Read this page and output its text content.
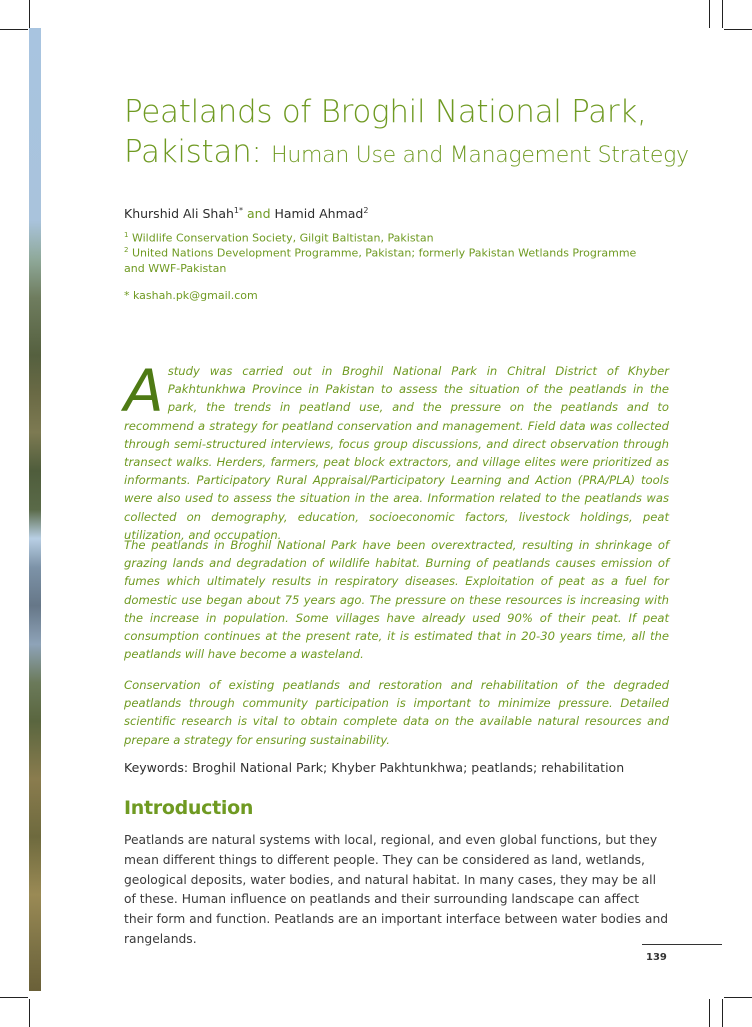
Peatlands of Broghil National Park,
Pakistan: Human Use and Management Strategy
Khurshid Ali Shah$^{1*}$ and Hamid Ahmad$^2$
$^1$ Wildlife Conservation Society, Gilgit Baltistan, Pakistan
$^2$ United Nations Development Programme, Pakistan; formerly Pakistan Wetlands Programme and WWF-Pakistan
* kashah.pk@gmail.com

Astudy was carried out in Broghil National Park in Chitral District of Khyber Pakhtunkhwa Province in Pakistan to assess the situation of the peatlands in the park, the trends in peatland use, and the pressure on the peatlands and to recommend a strategy for peatland conservation and management. Field data was collected through semi-structured interviews, focus group discussions, and direct observation through transect walks. Herders, farmers, peat block extractors, and village elites were prioritized as informants. Participatory Rural Appraisal/Participatory Learning and Action (PRA/PLA) tools were also used to assess the situation in the area. Information related to the peatlands was collected on demography, education, socioeconomic factors, livestock holdings, peat utilization, and occupation.

The peatlands in Broghil National Park have been overextracted, resulting in shrinkage of grazing lands and degradation of wildlife habitat. Burning of peatlands causes emission of fumes which ultimately results in respiratory diseases. Exploitation of peat as a fuel for domestic use began about 75 years ago. The pressure on these resources is increasing with the increase in population. Some villages have already used 90% of their peat. If peat consumption continues at the present rate, it is estimated that in 20-30 years time, all the peatlands will have become a wasteland.

Conservation of existing peatlands and restoration and rehabilitation of the degraded peatlands through community participation is important to minimize pressure. Detailed scientific research is vital to obtain complete data on the available natural resources and prepare a strategy for ensuring sustainability.

Keywords: Broghil National Park; Khyber Pakhtunkhwa; peatlands; rehabilitation
Introduction

Peatlands are natural systems with local, regional, and even global functions, but they mean different things to different people. They can be considered as land, wetlands, geological deposits, water bodies, and natural habitat. In many cases, they may be all of these. Human influence on peatlands and their surrounding landscape can affect their form and function. Peatlands are an important interface between water bodies and rangelands.

139
